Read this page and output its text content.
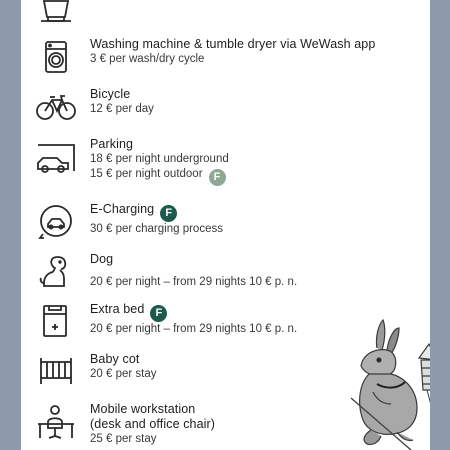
Washing machine & tumble dryer via WeWash app
3 € per wash/dry cycle
Bicycle
12 € per day
Parking
18 € per night underground
15 € per night outdoor F
E-Charging F
30 € per charging process
Dog
20 € per night – from 29 nights 10 € p. n.
Extra bed F
20 € per night – from 29 nights 10 € p. n.
Baby cot
20 € per stay
Mobile workstation
(desk and office chair)
25 € per stay
